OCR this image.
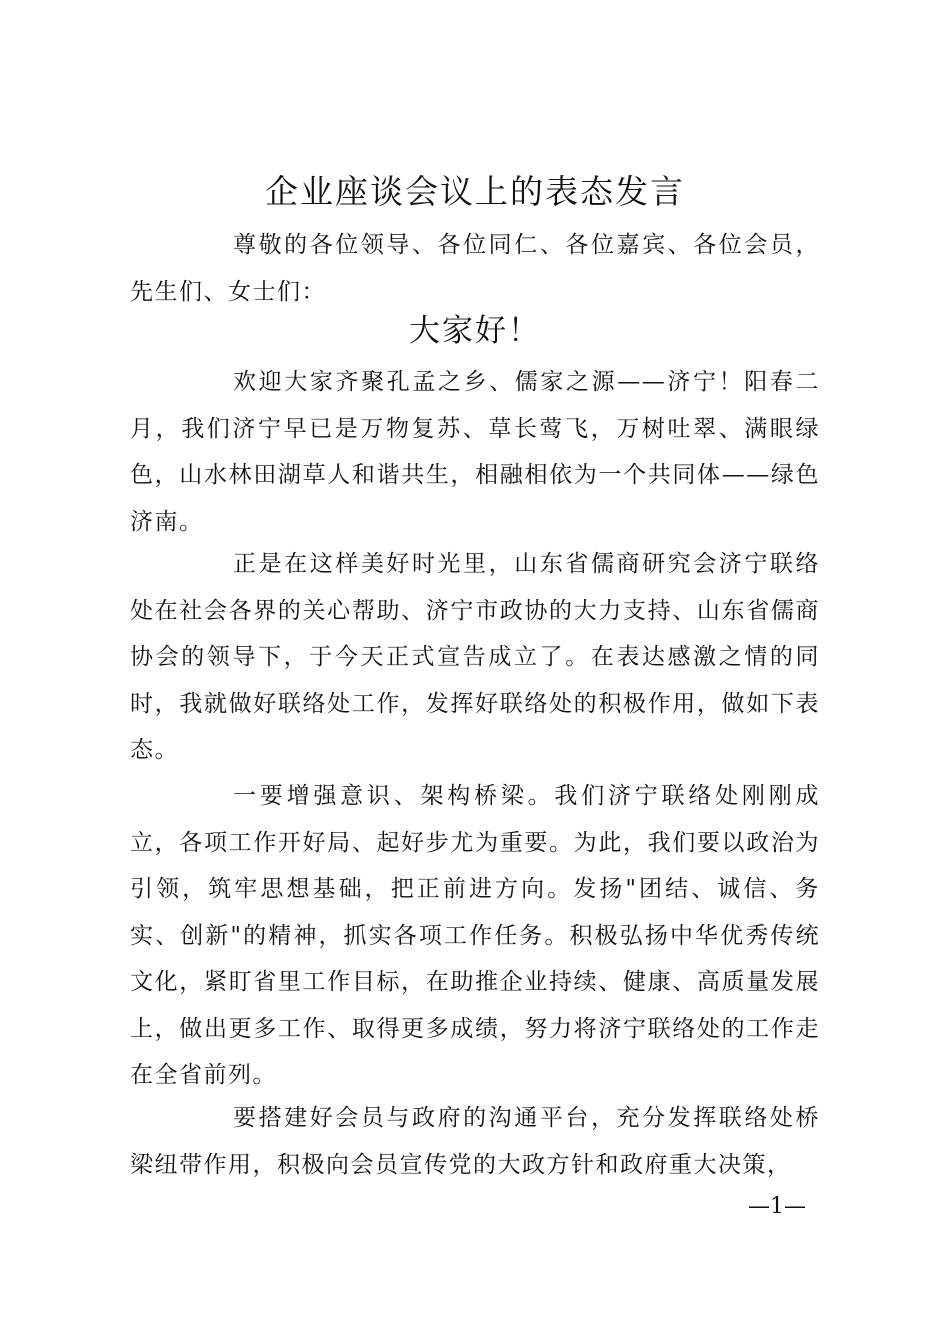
企业座谈会议上的表态发言

尊敬的各位领导、各位同仁、各位嘉宾、各位会员，先生们、女士们：

大家好！

欢迎大家齐聚孔孟之乡、儒家之源——济宁！阳春二月，我们济宁早已是万物复苏、草长莺飞，万树吐翠、满眼绿色，山水林田湖草人和谐共生，相融相依为一个共同体——绿色济南。

正是在这样美好时光里，山东省儒商研究会济宁联络处在社会各界的关心帮助、济宁市政协的大力支持、山东省儒商协会的领导下，于今天正式宣告成立了。在表达感激之情的同时，我就做好联络处工作，发挥好联络处的积极作用，做如下表态。

一要增强意识、架构桥梁。我们济宁联络处刚刚成立，各项工作开好局、起好步尤为重要。为此，我们要以政治为引领，筑牢思想基础，把正前进方向。发扬"团结、诚信、务实、创新"的精神，抓实各项工作任务。积极弘扬中华优秀传统文化，紧盯省里工作目标，在助推企业持续、健康、高质量发展上，做出更多工作、取得更多成绩，努力将济宁联络处的工作走在全省前列。

要搭建好会员与政府的沟通平台，充分发挥联络处桥梁纽带作用，积极向会员宣传党的大政方针和政府重大决策，

—1—
